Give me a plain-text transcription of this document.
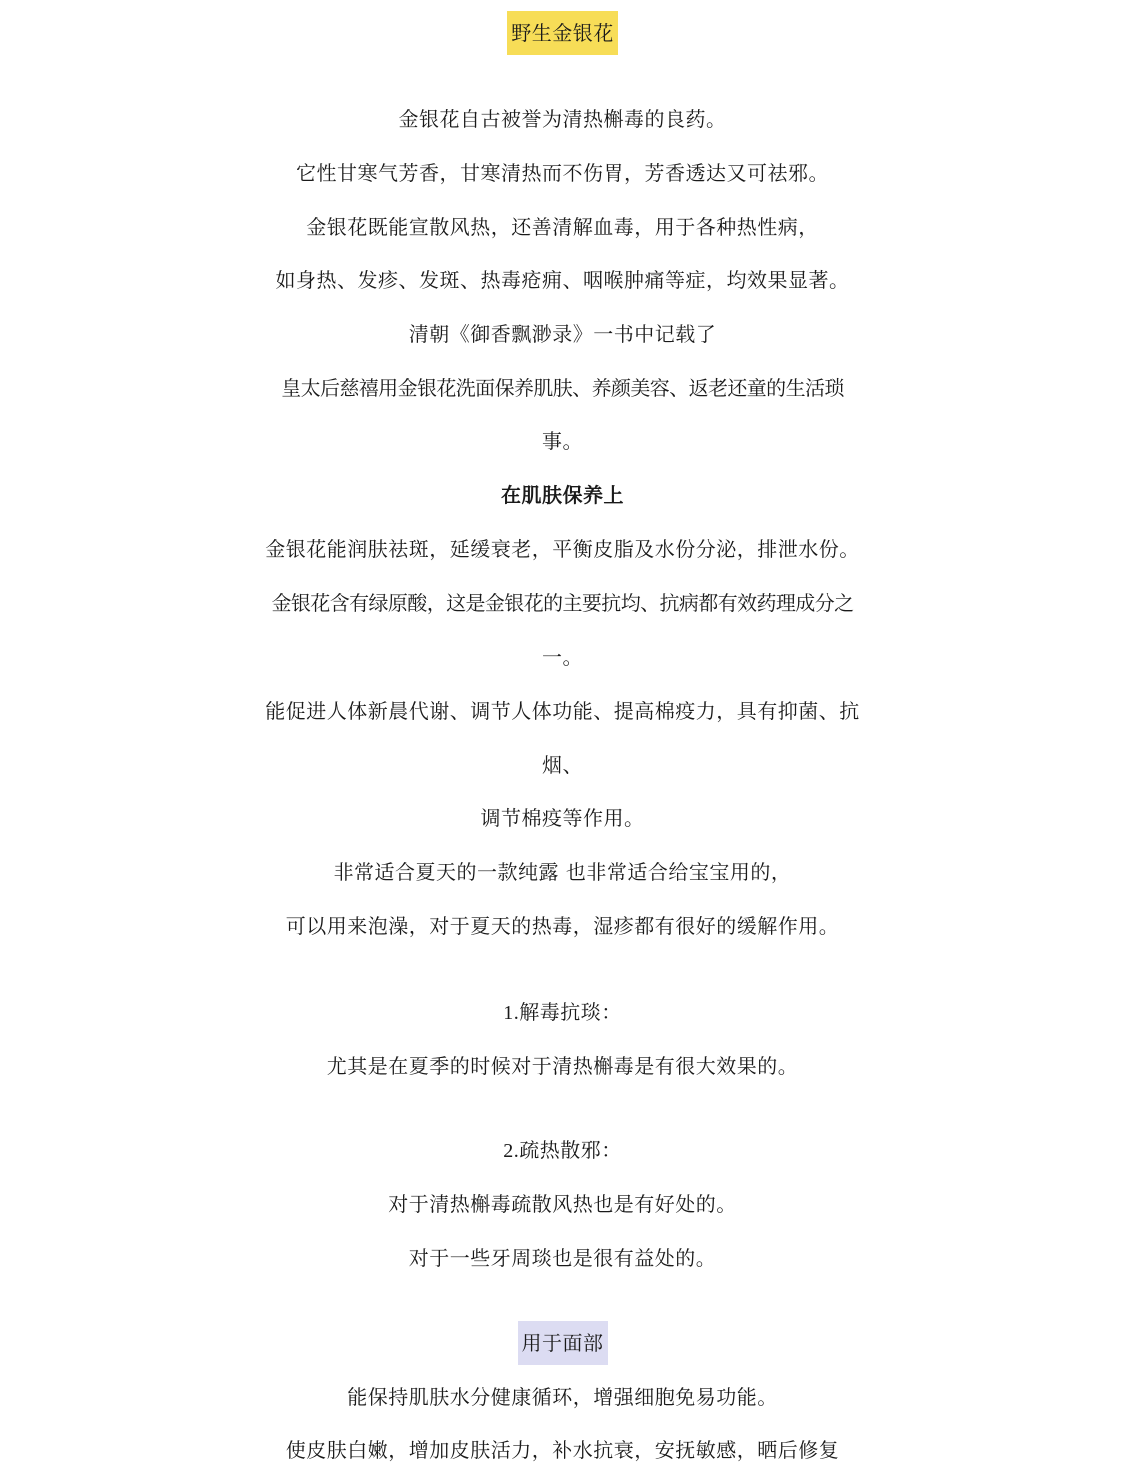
野生金银花
金银花自古被誉为清热槲毒的良药。
它性甘寒气芳香，甘寒清热而不伤胃，芳香透达又可祛邪。
金银花既能宣散风热，还善清解血毒，用于各种热性病，
如身热、发疹、发斑、热毒疮痈、咽喉肿痛等症，均效果显著。
清朝《御香飘渺录》一书中记载了
皇太后慈禧用金银花洗面保养肌肤、养颜美容、返老还童的生活琐
事。
在肌肤保养上
金银花能润肤祛斑，延缓衰老，平衡皮脂及水份分泌，排泄水份。
金银花含有绿原酸，这是金银花的主要抗均、抗病都有效药理成分之
一。
能促进人体新晨代谢、调节人体功能、提高棉疫力，具有抑菌、抗
烟、
调节棉疫等作用。
非常适合夏天的一款纯露 也非常适合给宝宝用的，
可以用来泡澡，对于夏天的热毒，湿疹都有很好的缓解作用。
1.解毒抗琰：
尤其是在夏季的时候对于清热槲毒是有很大效果的。
2.疏热散邪：
对于清热槲毒疏散风热也是有好处的。
对于一些牙周琰也是很有益处的。
用于面部
能保持肌肤水分健康循环，增强细胞免易功能。
使皮肤白嫩，增加皮肤活力，补水抗衰，安抚敏感，晒后修复
